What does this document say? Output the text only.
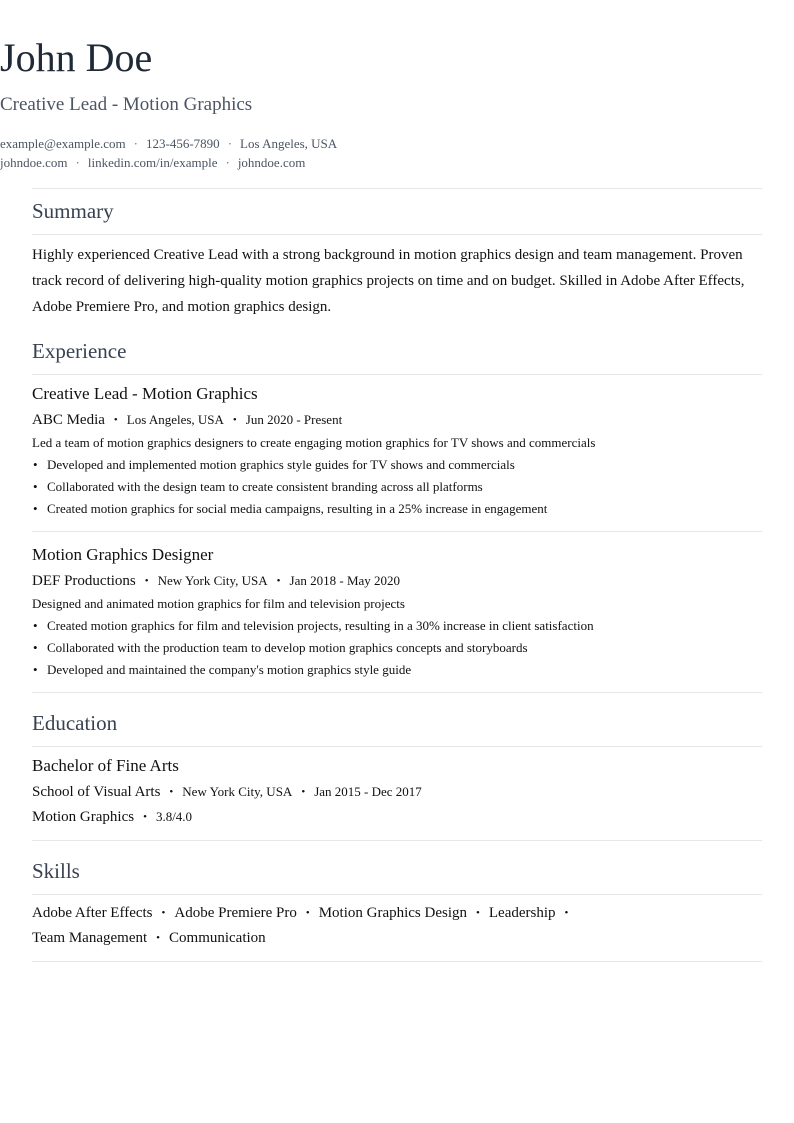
John Doe
Creative Lead - Motion Graphics
example@example.com · 123-456-7890 · Los Angeles, USA
johndoe.com · linkedin.com/in/example · johndoe.com
Summary
Highly experienced Creative Lead with a strong background in motion graphics design and team management. Proven track record of delivering high-quality motion graphics projects on time and on budget. Skilled in Adobe After Effects, Adobe Premiere Pro, and motion graphics design.
Experience
Creative Lead - Motion Graphics
ABC Media • Los Angeles, USA • Jun 2020 - Present
Led a team of motion graphics designers to create engaging motion graphics for TV shows and commercials
• Developed and implemented motion graphics style guides for TV shows and commercials
• Collaborated with the design team to create consistent branding across all platforms
• Created motion graphics for social media campaigns, resulting in a 25% increase in engagement
Motion Graphics Designer
DEF Productions • New York City, USA • Jan 2018 - May 2020
Designed and animated motion graphics for film and television projects
• Created motion graphics for film and television projects, resulting in a 30% increase in client satisfaction
• Collaborated with the production team to develop motion graphics concepts and storyboards
• Developed and maintained the company's motion graphics style guide
Education
Bachelor of Fine Arts
School of Visual Arts • New York City, USA • Jan 2015 - Dec 2017
Motion Graphics • 3.8/4.0
Skills
Adobe After Effects • Adobe Premiere Pro • Motion Graphics Design • Leadership •
Team Management • Communication
